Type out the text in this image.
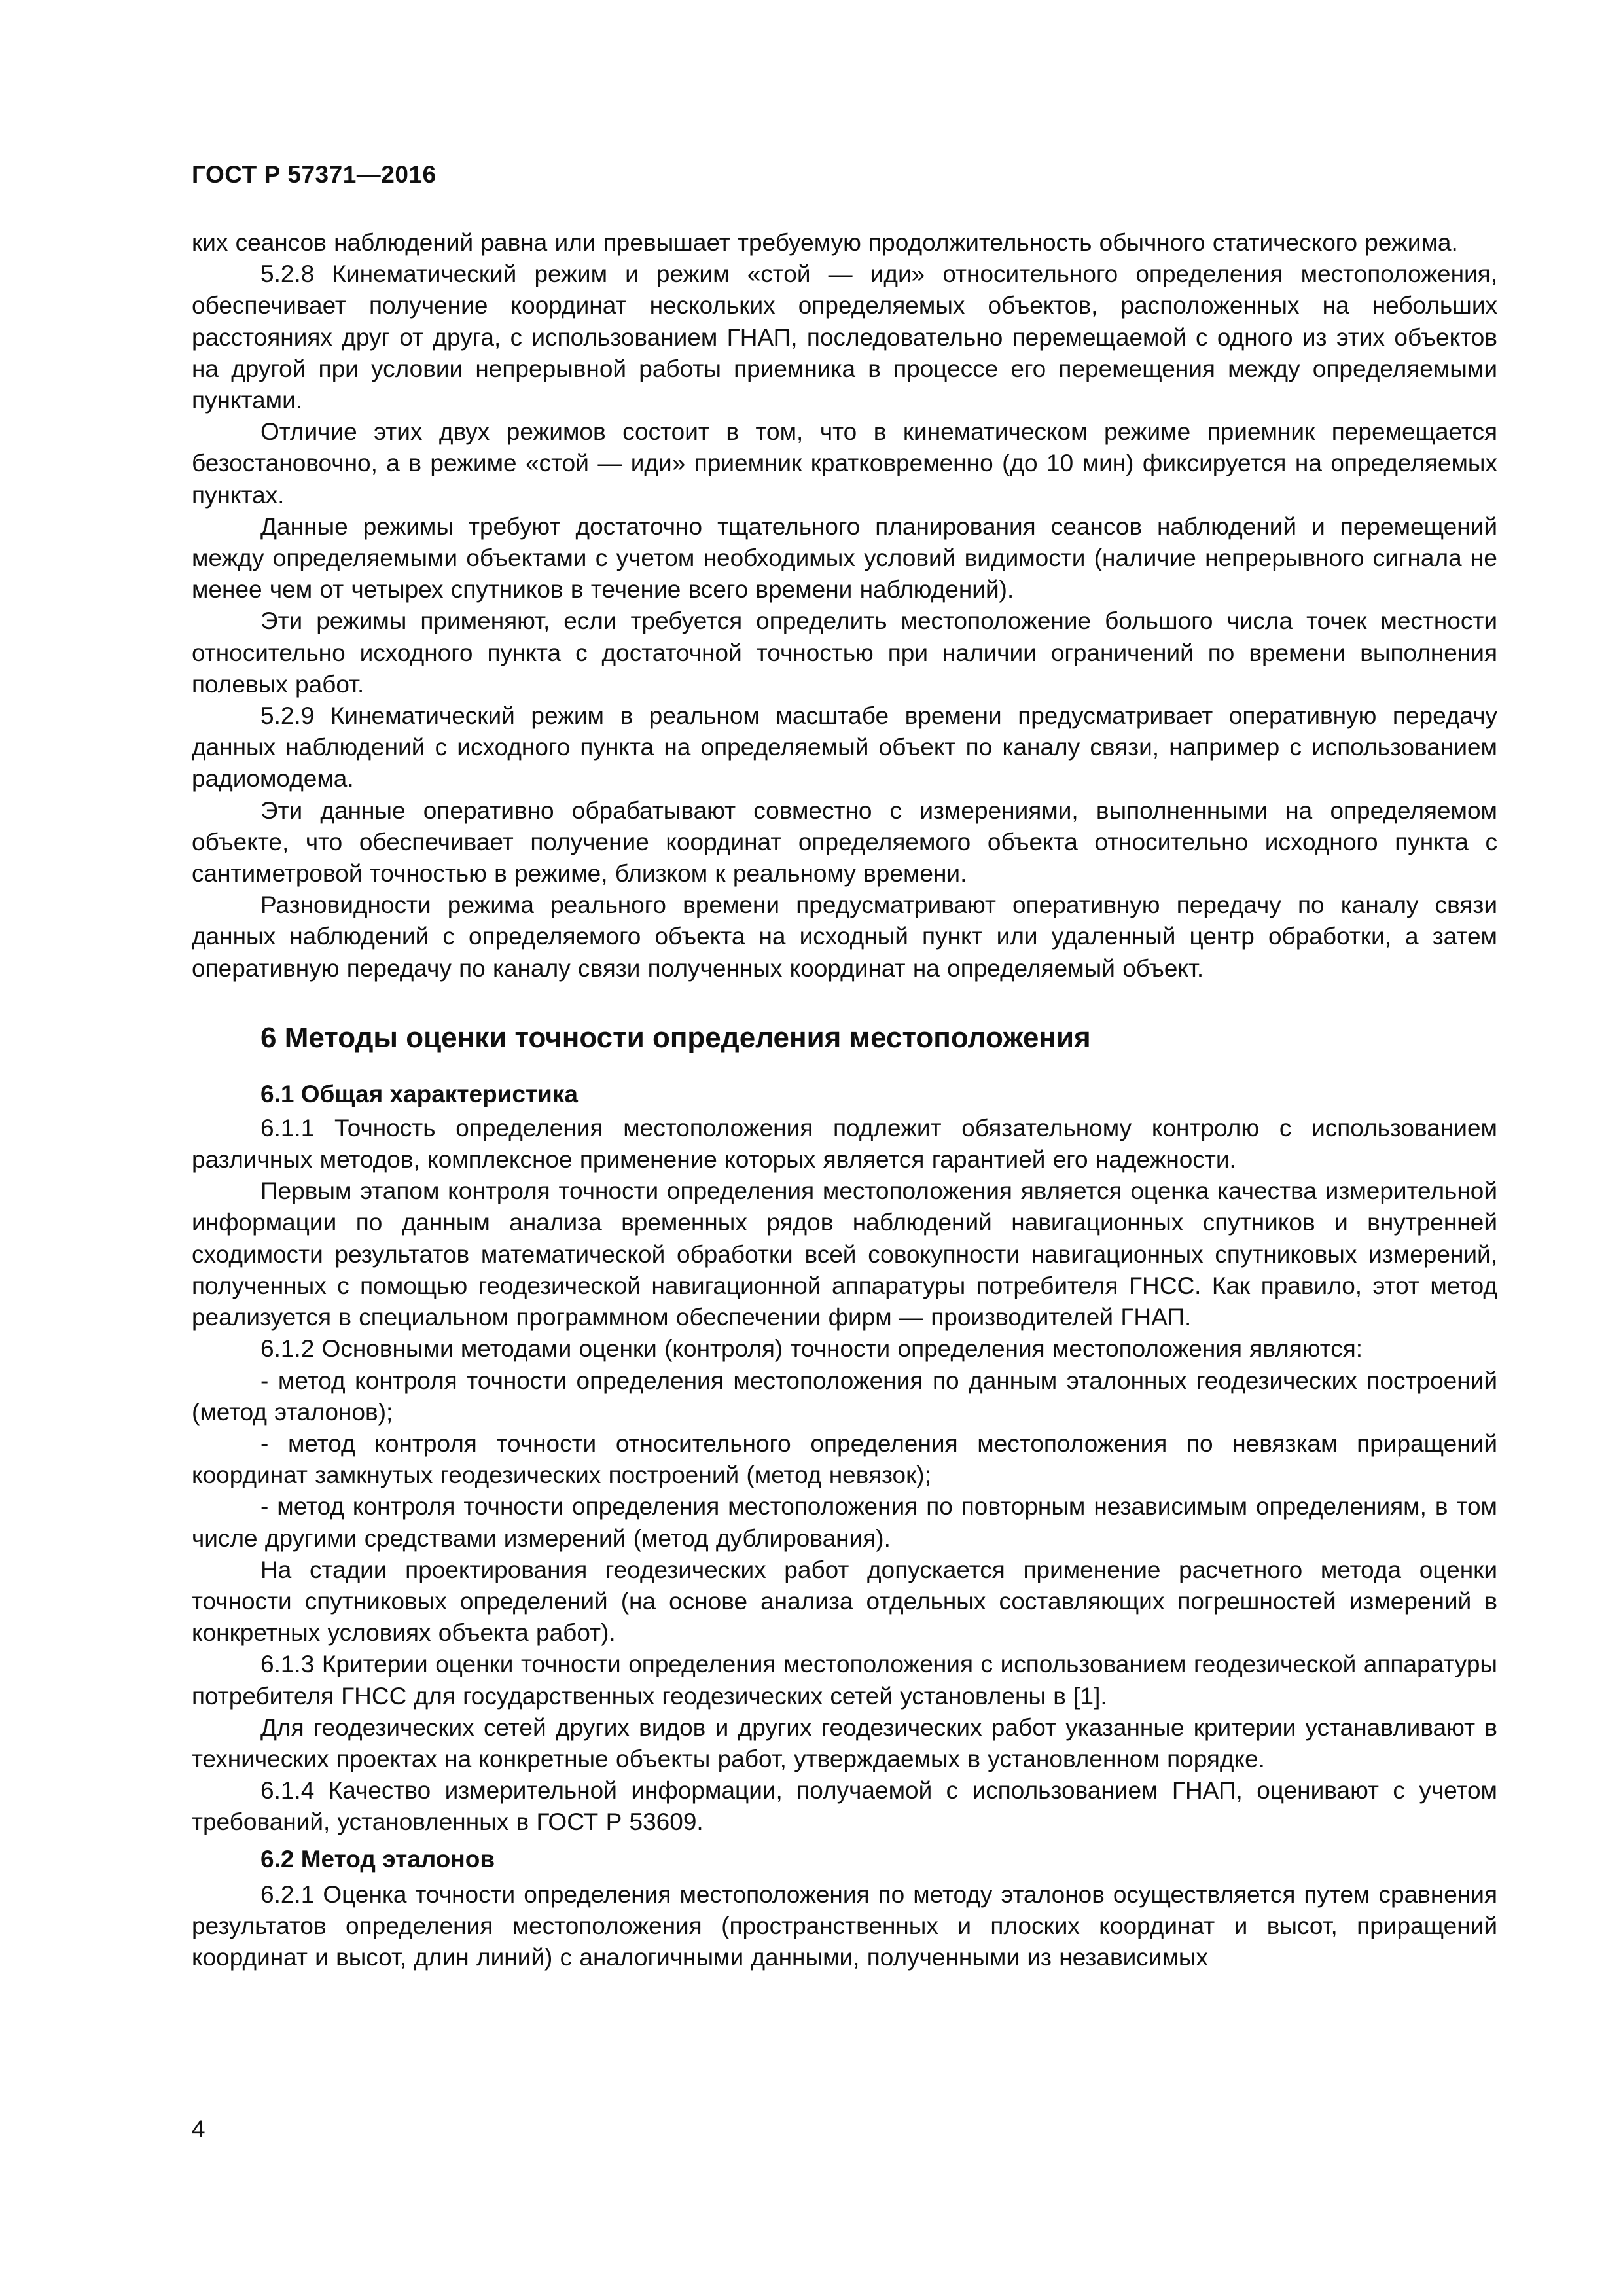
ГОСТ Р 57371—2016

ких сеансов наблюдений равна или превышает требуемую продолжительность обычного статического режима.

5.2.8 Кинематический режим и режим «стой — иди» относительного определения местоположения, обеспечивает получение координат нескольких определяемых объектов, расположенных на небольших расстояниях друг от друга, с использованием ГНАП, последовательно перемещаемой с одного из этих объектов на другой при условии непрерывной работы приемника в процессе его перемещения между определяемыми пунктами.

Отличие этих двух режимов состоит в том, что в кинематическом режиме приемник перемещается безостановочно, а в режиме «стой — иди» приемник кратковременно (до 10 мин) фиксируется на определяемых пунктах.

Данные режимы требуют достаточно тщательного планирования сеансов наблюдений и перемещений между определяемыми объектами с учетом необходимых условий видимости (наличие непрерывного сигнала не менее чем от четырех спутников в течение всего времени наблюдений).

Эти режимы применяют, если требуется определить местоположение большого числа точек местности относительно исходного пункта с достаточной точностью при наличии ограничений по времени выполнения полевых работ.

5.2.9 Кинематический режим в реальном масштабе времени предусматривает оперативную передачу данных наблюдений с исходного пункта на определяемый объект по каналу связи, например с использованием радиомодема.

Эти данные оперативно обрабатывают совместно с измерениями, выполненными на определяемом объекте, что обеспечивает получение координат определяемого объекта относительно исходного пункта с сантиметровой точностью в режиме, близком к реальному времени.

Разновидности режима реального времени предусматривают оперативную передачу по каналу связи данных наблюдений с определяемого объекта на исходный пункт или удаленный центр обработки, а затем оперативную передачу по каналу связи полученных координат на определяемый объект.

6 Методы оценки точности определения местоположения
6.1 Общая характеристика

6.1.1 Точность определения местоположения подлежит обязательному контролю с использованием различных методов, комплексное применение которых является гарантией его надежности.

Первым этапом контроля точности определения местоположения является оценка качества измерительной информации по данным анализа временных рядов наблюдений навигационных спутников и внутренней сходимости результатов математической обработки всей совокупности навигационных спутниковых измерений, полученных с помощью геодезической навигационной аппаратуры потребителя ГНСС. Как правило, этот метод реализуется в специальном программном обеспечении фирм — производителей ГНАП.

6.1.2 Основными методами оценки (контроля) точности определения местоположения являются:

- метод контроля точности определения местоположения по данным эталонных геодезических построений (метод эталонов);

- метод контроля точности относительного определения местоположения по невязкам приращений координат замкнутых геодезических построений (метод невязок);

- метод контроля точности определения местоположения по повторным независимым определениям, в том числе другими средствами измерений (метод дублирования).

На стадии проектирования геодезических работ допускается применение расчетного метода оценки точности спутниковых определений (на основе анализа отдельных составляющих погрешностей измерений в конкретных условиях объекта работ).

6.1.3 Критерии оценки точности определения местоположения с использованием геодезической аппаратуры потребителя ГНСС для государственных геодезических сетей установлены в [1].

Для геодезических сетей других видов и других геодезических работ указанные критерии устанавливают в технических проектах на конкретные объекты работ, утверждаемых в установленном порядке.

6.1.4 Качество измерительной информации, получаемой с использованием ГНАП, оценивают с учетом требований, установленных в ГОСТ Р 53609.

6.2 Метод эталонов

6.2.1 Оценка точности определения местоположения по методу эталонов осуществляется путем сравнения результатов определения местоположения (пространственных и плоских координат и высот, приращений координат и высот, длин линий) с аналогичными данными, полученными из независимых

4
